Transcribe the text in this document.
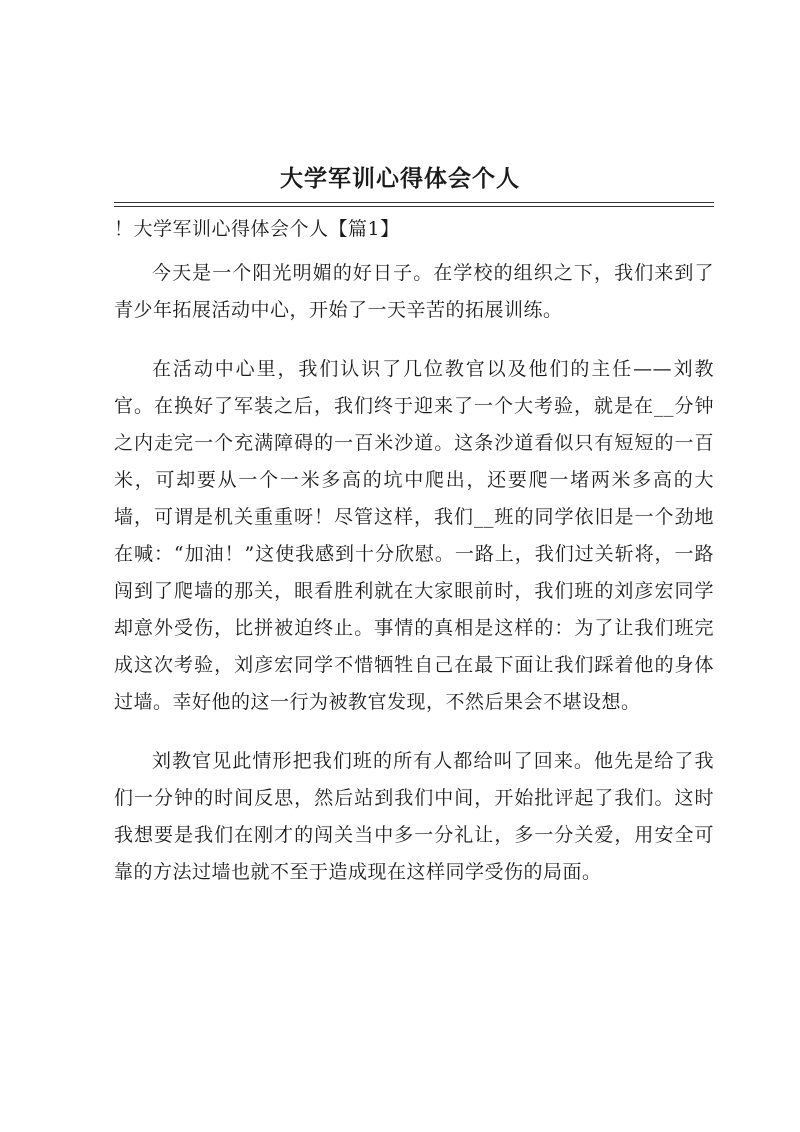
大学军训心得体会个人
！大学军训心得体会个人【篇1】

今天是一个阳光明媚的好日子。在学校的组织之下，我们来到了青少年拓展活动中心，开始了一天辛苦的拓展训练。

在活动中心里，我们认识了几位教官以及他们的主任——刘教官。在换好了军装之后，我们终于迎来了一个大考验，就是在__分钟之内走完一个充满障碍的一百米沙道。这条沙道看似只有短短的一百米，可却要从一个一米多高的坑中爬出，还要爬一堵两米多高的大墙，可谓是机关重重呀！尽管这样，我们__班的同学依旧是一个劲地在喊：“加油！”这使我感到十分欣慰。一路上，我们过关斩将，一路闯到了爬墙的那关，眼看胜利就在大家眼前时，我们班的刘彦宏同学却意外受伤，比拼被迫终止。事情的真相是这样的：为了让我们班完成这次考验，刘彦宏同学不惜牺牲自己在最下面让我们踩着他的身体过墙。幸好他的这一行为被教官发现，不然后果会不堪设想。

刘教官见此情形把我们班的所有人都给叫了回来。他先是给了我们一分钟的时间反思，然后站到我们中间，开始批评起了我们。这时我想要是我们在刚才的闯关当中多一分礼让，多一分关爱，用安全可靠的方法过墙也就不至于造成现在这样同学受伤的局面。
